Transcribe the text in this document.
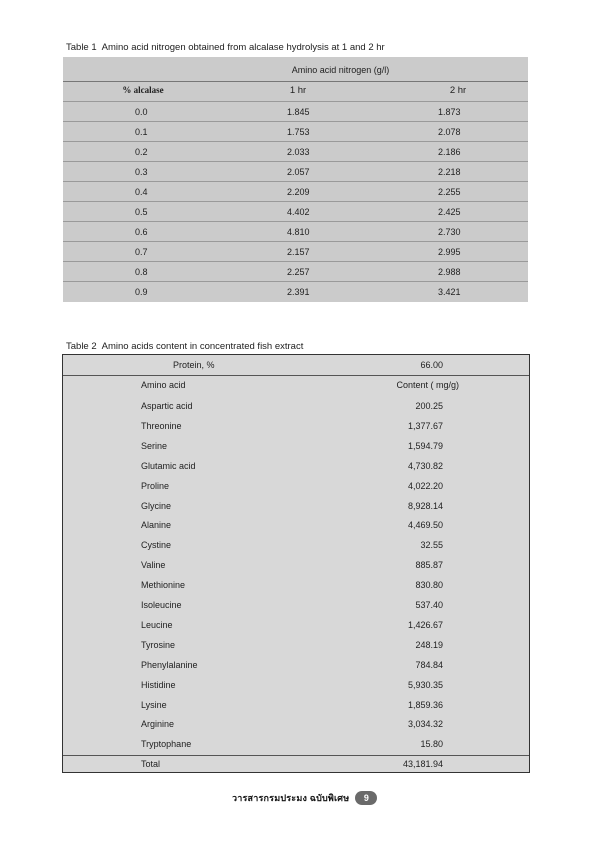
Table 1 Amino acid nitrogen obtained from alcalase hydrolysis at 1 and 2 hr
Amino acid nitrogen (g/l)
% alcalase	1 hr	2 hr
0.0	1.845	1.873
0.1	1.753	2.078
0.2	2.033	2.186
0.3	2.057	2.218
0.4	2.209	2.255
0.5	4.402	2.425
0.6	4.810	2.730
0.7	2.157	2.995
0.8	2.257	2.988
0.9	2.391	3.421
Table 2 Amino acids content in concentrated fish extract
Protein, %	66.00
Amino acid	Content ( mg/g)
Aspartic acid	200.25
Threonine	1,377.67
Serine	1,594.79
Glutamic acid	4,730.82
Proline	4,022.20
Glycine	8,928.14
Alanine	4,469.50
Cystine	32.55
Valine	885.87
Methionine	830.80
Isoleucine	537.40
Leucine	1,426.67
Tyrosine	248.19
Phenylalanine	784.84
Histidine	5,930.35
Lysine	1,859.36
Arginine	3,034.32
Tryptophane	15.80
Total	43,181.94
วารสารกรมประมง ฉบับพิเศษ	9
